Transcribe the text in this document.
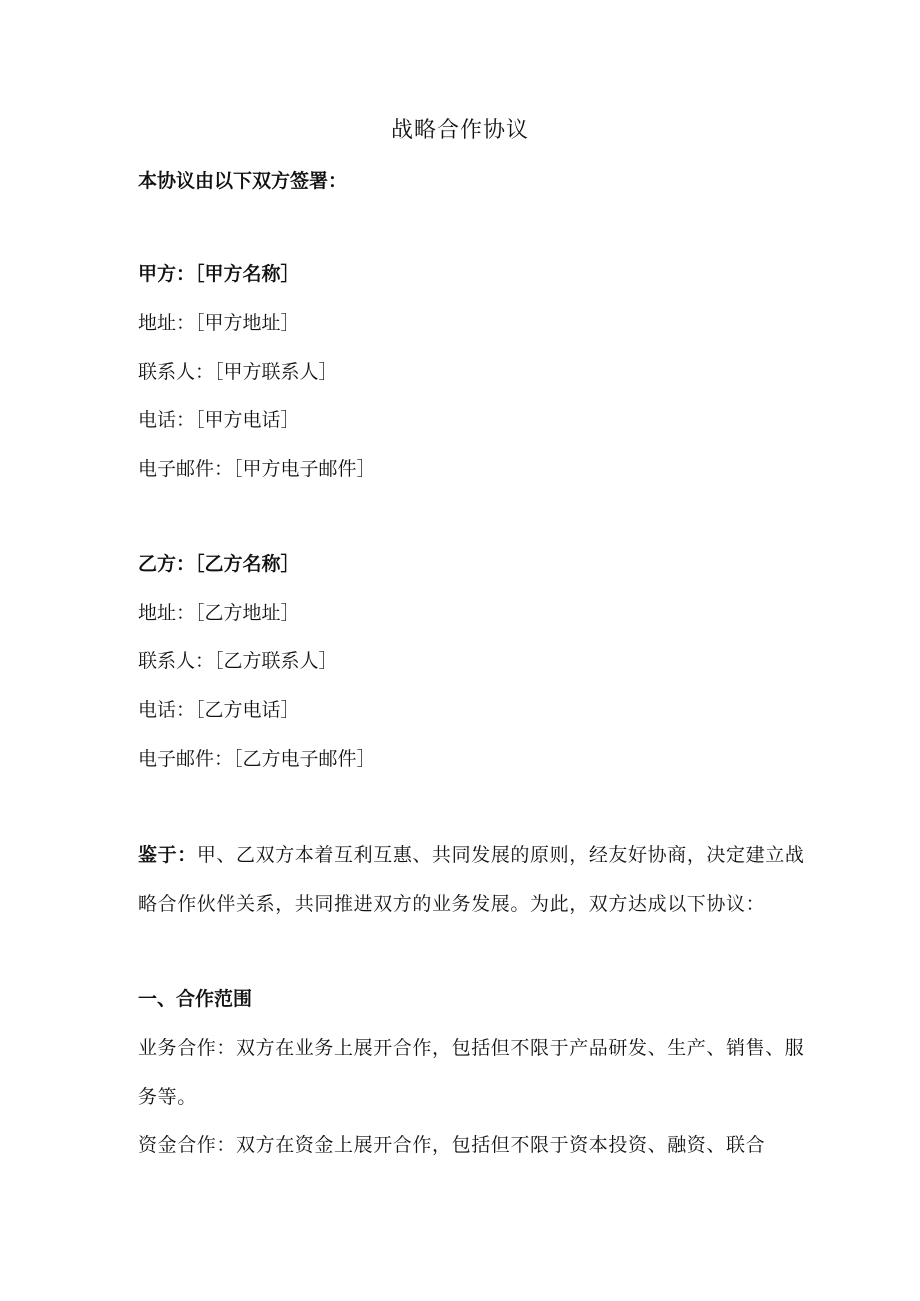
战略合作协议
本协议由以下双方签署：
甲方：［甲方名称］
地址：［甲方地址］
联系人：［甲方联系人］
电话：［甲方电话］
电子邮件：［甲方电子邮件］
乙方：［乙方名称］
地址：［乙方地址］
联系人：［乙方联系人］
电话：［乙方电话］
电子邮件：［乙方电子邮件］
鉴于：甲、乙双方本着互利互惠、共同发展的原则，经友好协商，决定建立战略合作伙伴关系，共同推进双方的业务发展。为此，双方达成以下协议：
一、合作范围
业务合作：双方在业务上展开合作，包括但不限于产品研发、生产、销售、服务等。
资金合作：双方在资金上展开合作，包括但不限于资本投资、融资、联合
